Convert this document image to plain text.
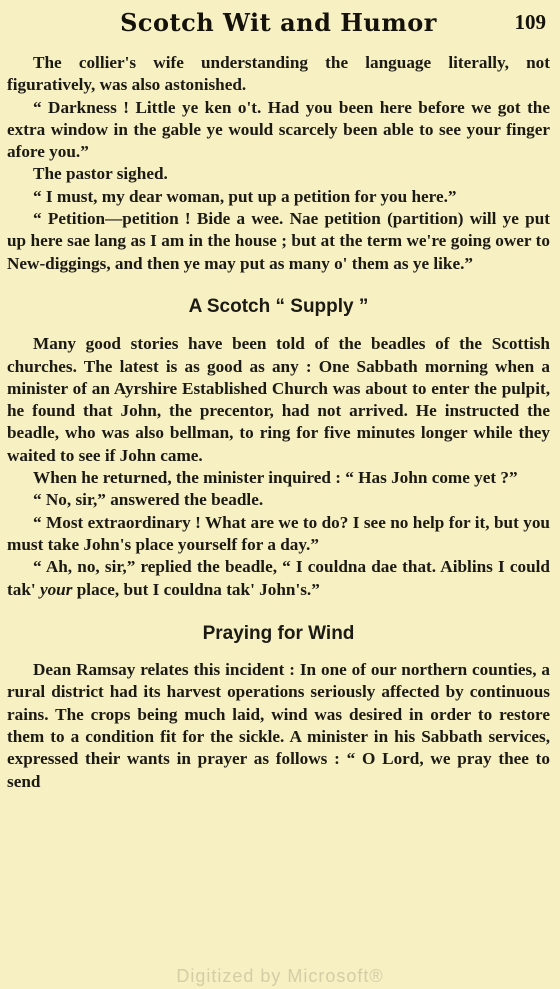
Scotch Wit and Humor	109

The collier's wife understanding the language literally, not figuratively, was also astonished.

“ Darkness ! Little ye ken o't. Had you been here before we got the extra window in the gable ye would scarcely been able to see your finger afore you.”

The pastor sighed.

“ I must, my dear woman, put up a petition for you here.”

“ Petition—petition ! Bide a wee. Nae petition (partition) will ye put up here sae lang as I am in the house ; but at the term we're going ower to New-diggings, and then ye may put as many o' them as ye like.”

A Scotch “ Supply ”

Many good stories have been told of the beadles of the Scottish churches. The latest is as good as any : One Sabbath morning when a minister of an Ayrshire Established Church was about to enter the pulpit, he found that John, the precentor, had not arrived. He instructed the beadle, who was also bellman, to ring for five minutes longer while they waited to see if John came.

When he returned, the minister inquired : “ Has John come yet ?”

“ No, sir,” answered the beadle.

“ Most extraordinary ! What are we to do? I see no help for it, but you must take John's place yourself for a day.”

“ Ah, no, sir,” replied the beadle, “ I couldna dae that. Aiblins I could tak' your place, but I couldna tak' John's.”

Praying for Wind

Dean Ramsay relates this incident : In one of our northern counties, a rural district had its harvest operations seriously affected by continuous rains. The crops being much laid, wind was desired in order to restore them to a condition fit for the sickle. A minister in his Sabbath services, expressed their wants in prayer as follows : “ O Lord, we pray thee to send

Digitized by Microsoft®
